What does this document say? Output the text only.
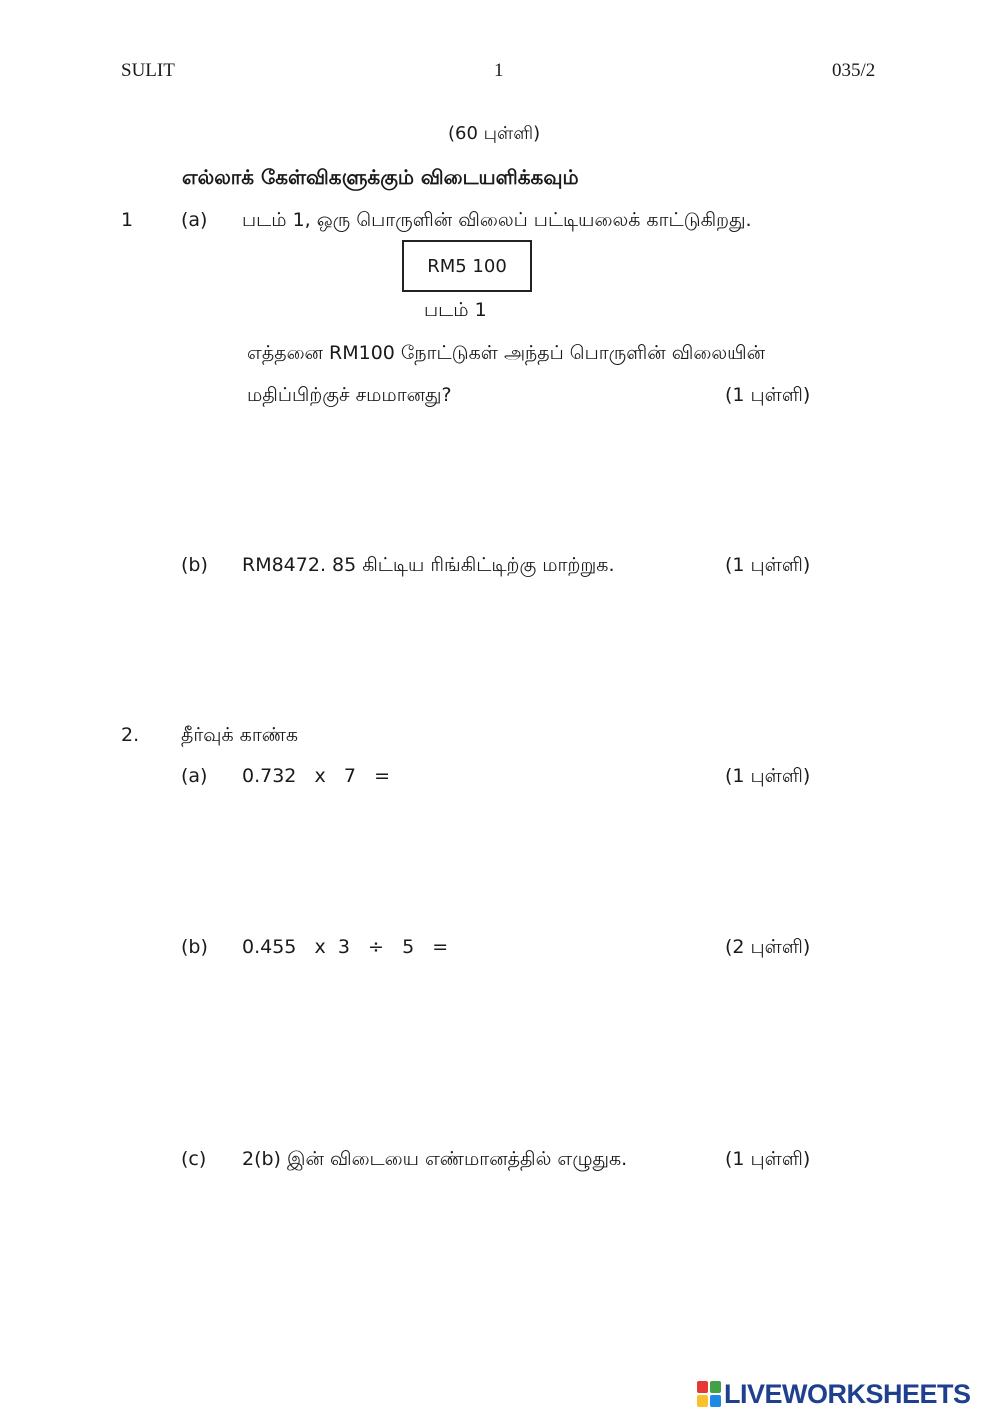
SULIT	1	035/2
(60 புள்ளி)
எல்லாக் கேள்விகளுக்கும் விடையளிக்கவும்
1	(a) படம் 1, ஒரு பொருளின் விலைப் பட்டியலைக் காட்டுகிறது.
RM5 100
படம் 1
எத்தனை RM100 நோட்டுகள் அந்தப் பொருளின் விலையின்
மதிப்பிற்குச் சமமானது?	(1 புள்ளி)
(b) RM8472. 85 கிட்டிய ரிங்கிட்டிற்கு மாற்றுக.	(1 புள்ளி)
2. தீர்வுக் காண்க
(a) 0.732   x   7   =	(1 புள்ளி)
(b) 0.455   x  3   ÷   5   =	(2 புள்ளி)
(c) 2(b) இன் விடையை எண்மானத்தில் எழுதுக.	(1 புள்ளி)
LIVEWORKSHEETS
